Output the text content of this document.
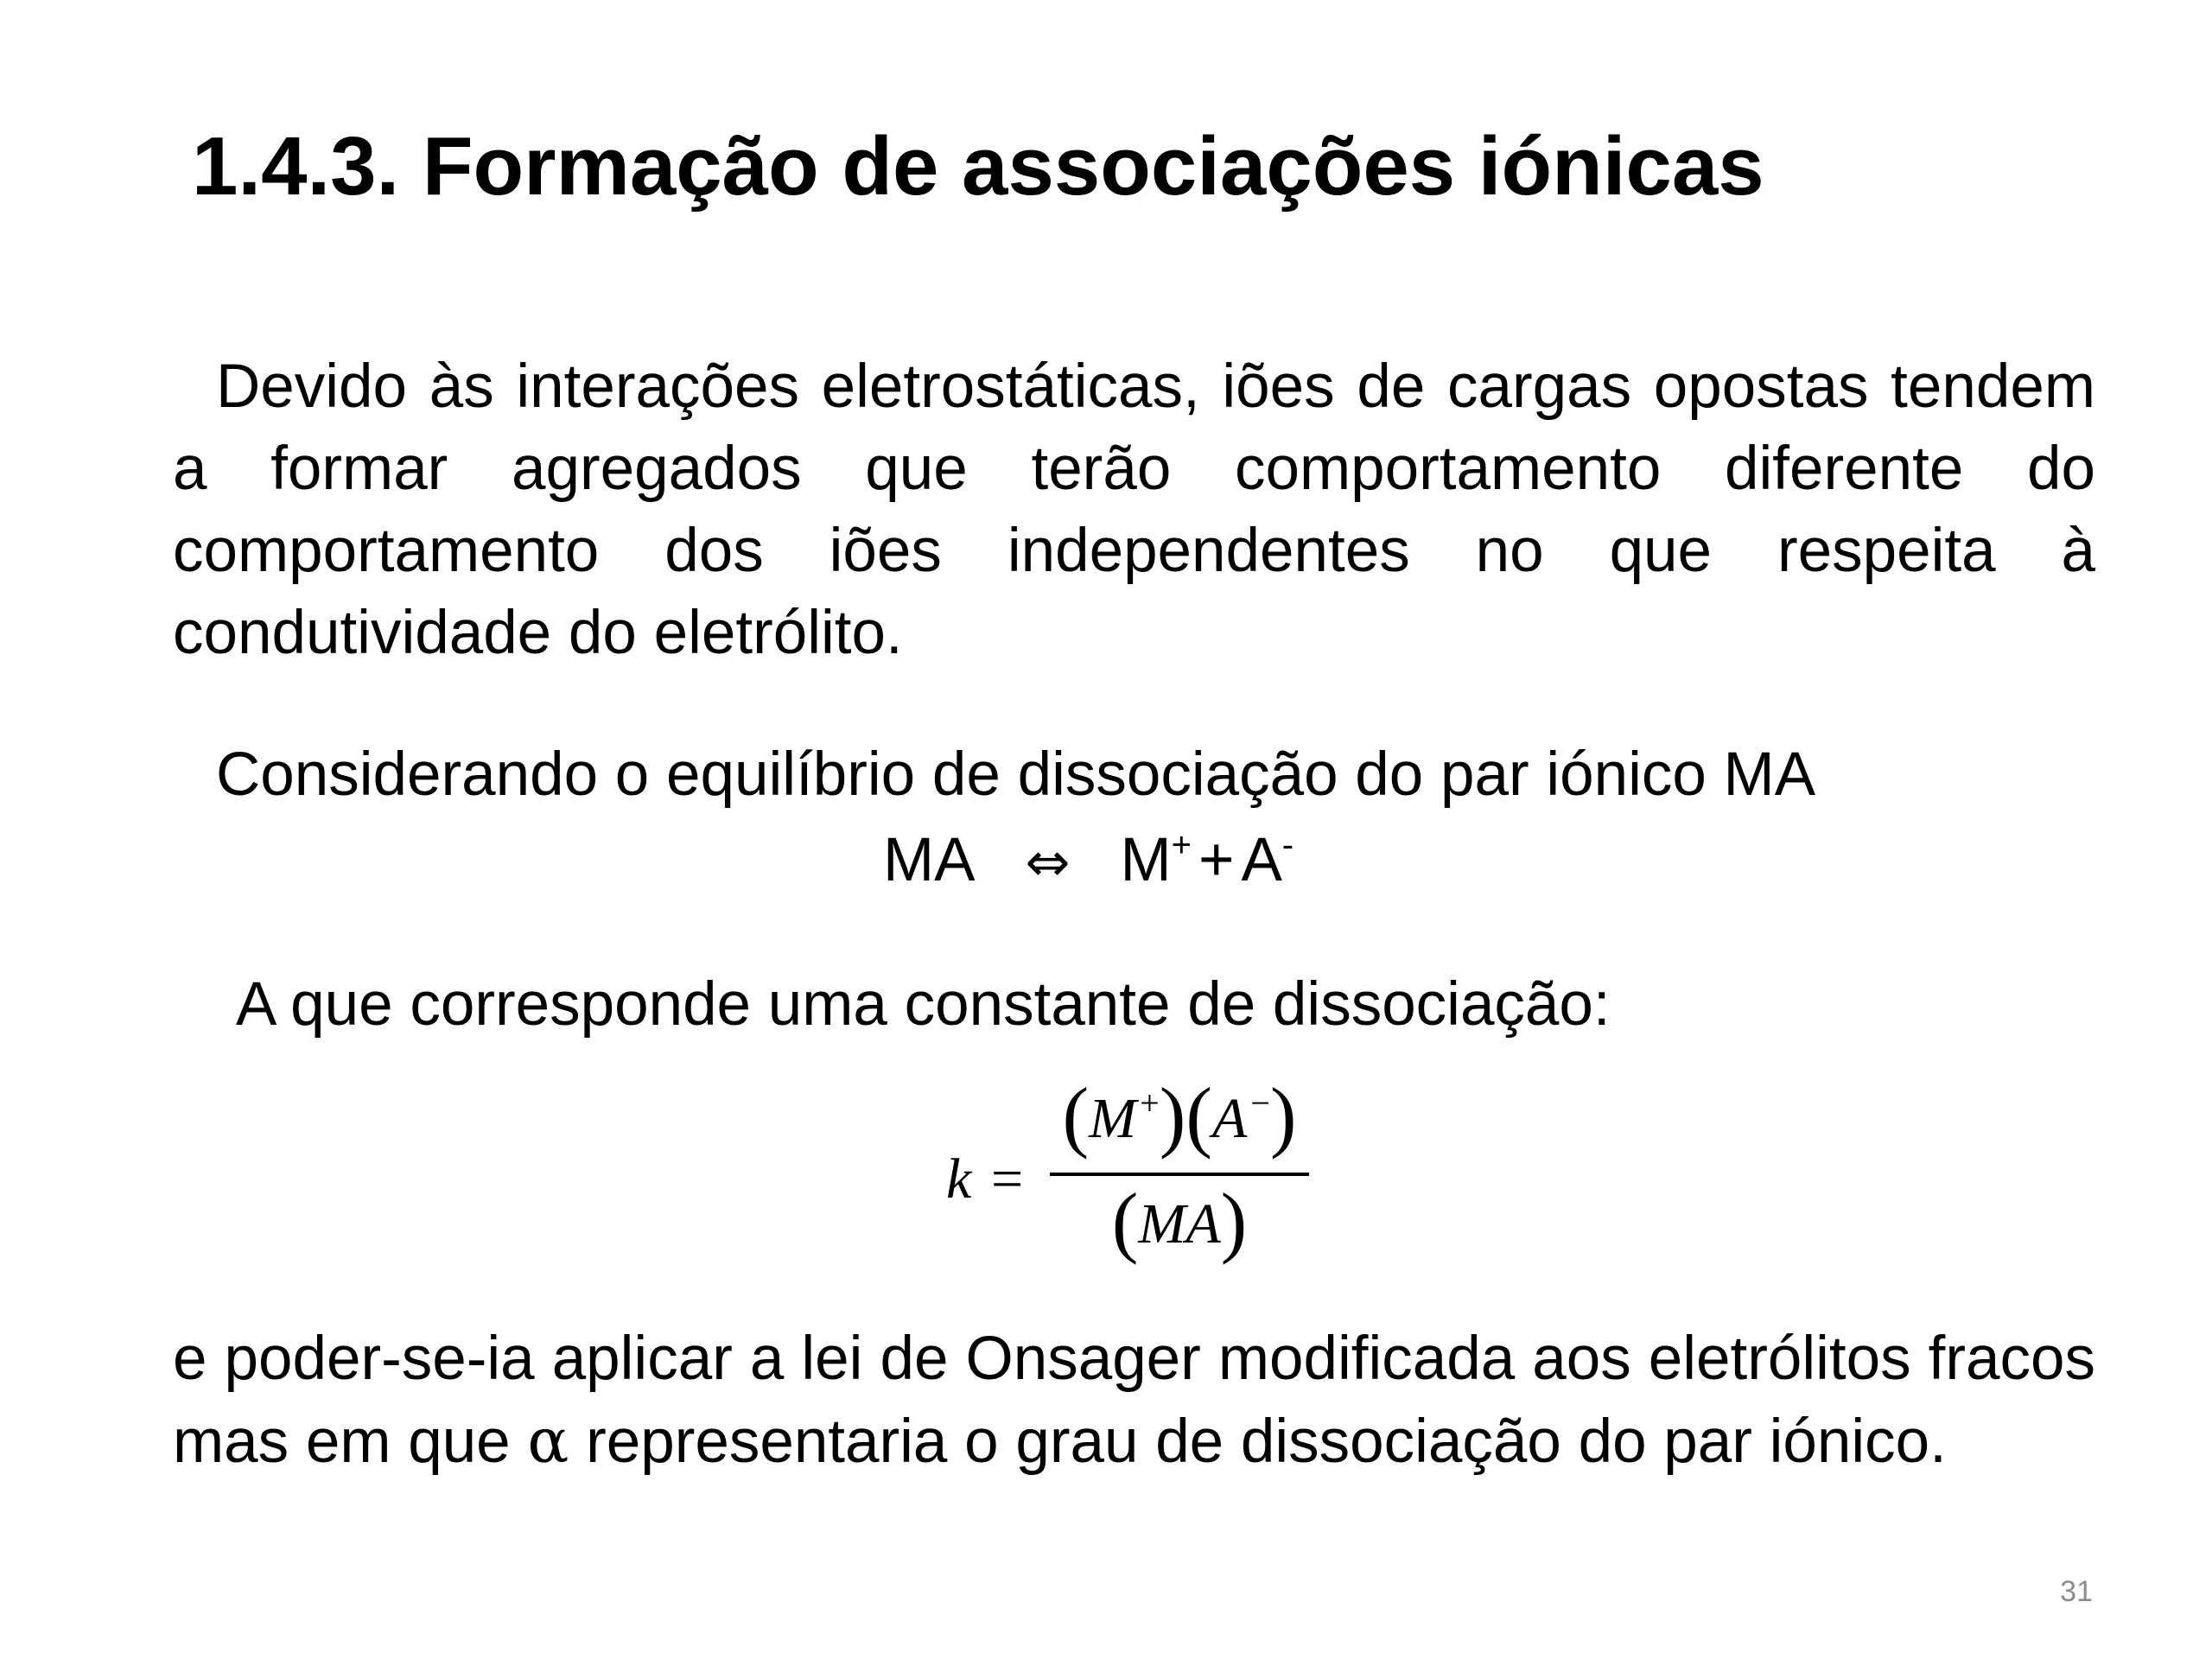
1.4.3. Formação de associações iónicas

Devido às interações eletrostáticas, iões de cargas opostas tendem a formar agregados que terão comportamento diferente do comportamento dos iões independentes no que respeita à condutividade do eletrólito.

Considerando o equilíbrio de dissociação do par iónico MA

MA ⇔ M+ + A-

A que corresponde uma constante de dissociação:

k =
(M +)(A −)
(MA)

e poder-se-ia aplicar a lei de Onsager modificada aos eletrólitos fracos mas em que α representaria o grau de dissociação do par iónico.

31
